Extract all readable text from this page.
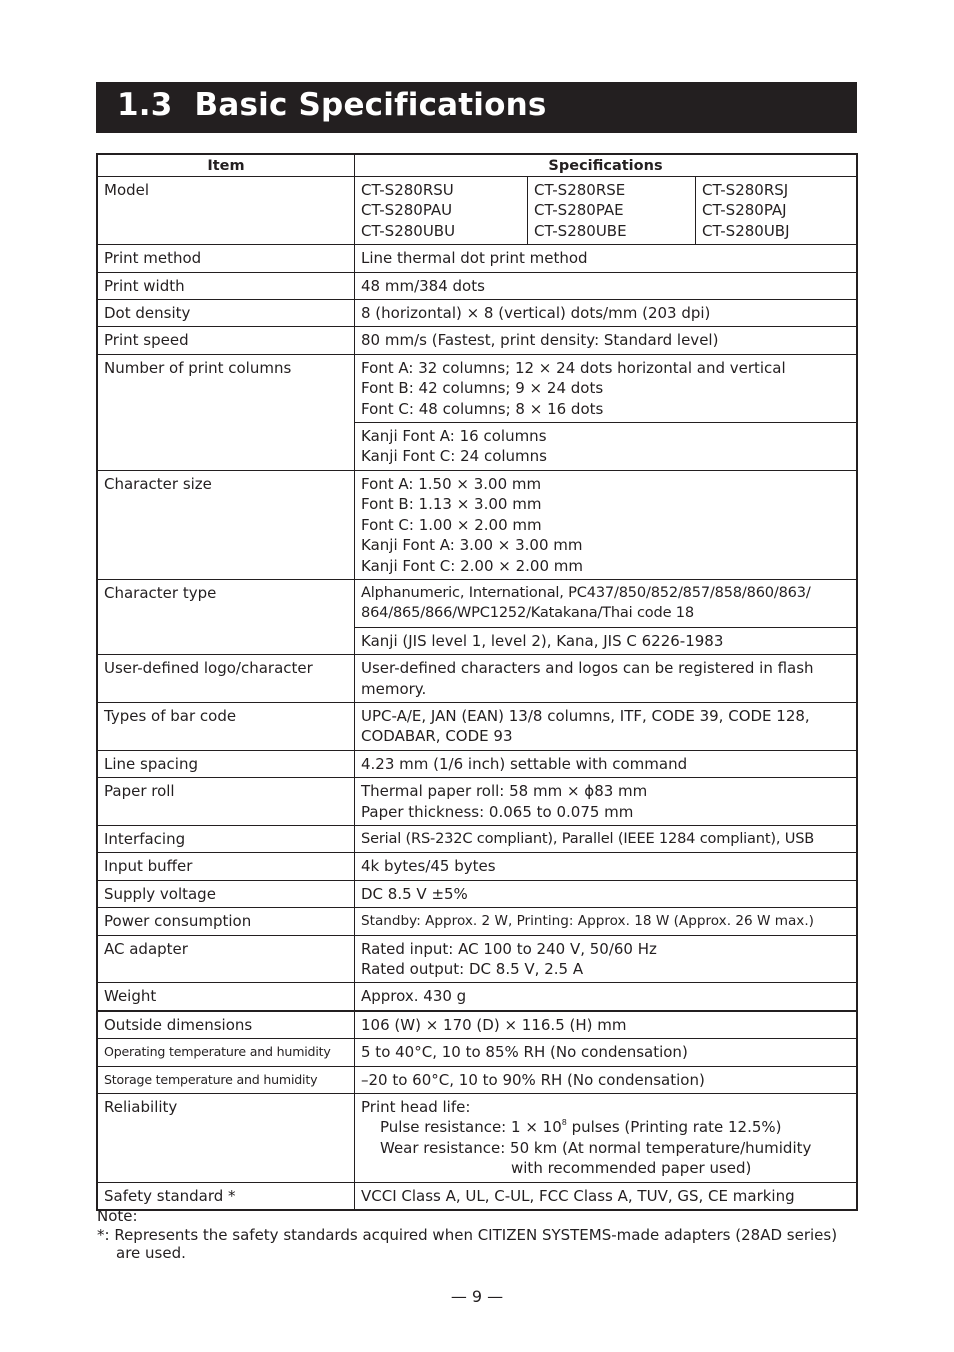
1.3 Basic Specifications
Item	Specifications		
Model	CT-S280RSU
CT-S280PAU
CT-S280UBU	CT-S280RSE
CT-S280PAE
CT-S280UBE	CT-S280RSJ
CT-S280PAJ
CT-S280UBJ

Print method	Line thermal dot print method		
Print width	48 mm/384 dots		
Dot density	8 (horizontal) × 8 (vertical) dots/mm (203 dpi)		
Print speed	80 mm/s (Fastest, print density: Standard level)		
Number of print columns	Font A: 32 columns; 12 × 24 dots horizontal and vertical
Font B: 42 columns; 9 × 24 dots
Font C: 48 columns; 8 × 16 dots		

	Kanji Font A: 16 columns
Kanji Font C: 24 columns		

Character size	Font A: 1.50 × 3.00 mm
Font B: 1.13 × 3.00 mm
Font C: 1.00 × 2.00 mm
Kanji Font A: 3.00 × 3.00 mm
Kanji Font C: 2.00 × 2.00 mm		

Character type	Alphanumeric, International, PC437/850/852/857/858/860/863/
864/865/866/WPC1252/Katakana/Thai code 18		

	Kanji (JIS level 1, level 2), Kana, JIS C 6226-1983		
User-defined logo/character	User-defined characters and logos can be registered in flash
memory.		

Types of bar code	UPC-A/E, JAN (EAN) 13/8 columns, ITF, CODE 39, CODE 128,
CODABAR, CODE 93		

Line spacing	4.23 mm (1/6 inch) settable with command		
Paper roll	Thermal paper roll: 58 mm × ϕ83 mm
Paper thickness: 0.065 to 0.075 mm		

Interfacing	Serial (RS-232C compliant), Parallel (IEEE 1284 compliant), USB		
Input buffer	4k bytes/45 bytes		
Supply voltage	DC 8.5 V ±5%		
Power consumption	Standby: Approx. 2 W, Printing: Approx. 18 W (Approx. 26 W max.)		
AC adapter	Rated input: AC 100 to 240 V, 50/60 Hz
Rated output: DC 8.5 V, 2.5 A		

Weight	Approx. 430 g		
Outside dimensions	106 (W) × 170 (D) × 116.5 (H) mm		
Operating temperature and humidity	5 to 40°C, 10 to 85% RH (No condensation)		
Storage temperature and humidity	–20 to 60°C, 10 to 90% RH (No condensation)		
Reliability	Print head life:
Pulse resistance: $1 \times 10^8$ pulses (Printing rate 12.5%)
Wear resistance: 50 km (At normal temperature/humidity
with recommended paper used)		

Safety standard *	VCCI Class A, UL, C-UL, FCC Class A, TUV, GS, CE marking		
Note:
*: Represents the safety standards acquired when CITIZEN SYSTEMS-made adapters (28AD series)
are used.
— 9 —
